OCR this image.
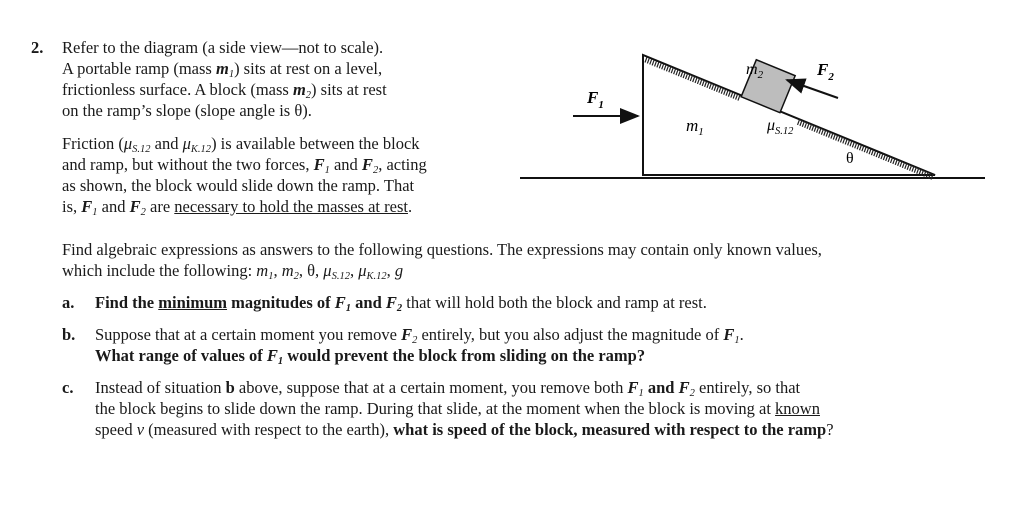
2. Refer to the diagram (a side view—not to scale).
A portable ramp (mass $m_1$) sits at rest on a level,
frictionless surface. A block (mass $m_2$) sits at rest
on the ramp’s slope (slope angle is θ).
Friction ($\mu_{S.12}$ and $\mu_{K.12}$) is available between the block
and ramp, but without the two forces, $F_1$ and $F_2$, acting
as shown, the block would slide down the ramp. That
is, $F_1$ and $F_2$ are necessary to hold the masses at rest.
$F_1$
$F_2$
$m_1$
$m_2$
$\mu_{S.12}$
θ
Find algebraic expressions as answers to the following questions. The expressions may contain only known values,
which include the following: $m_1$, $m_2$, θ, $\mu_{S.12}$, $\mu_{K.12}$, g
a. Find the minimum magnitudes of $F_1$ and $F_2$ that will hold both the block and ramp at rest.
b. Suppose that at a certain moment you remove $F_2$ entirely, but you also adjust the magnitude of $F_1$.
What range of values of $F_1$ would prevent the block from sliding on the ramp?
c. Instead of situation b above, suppose that at a certain moment, you remove both $F_1$ and $F_2$ entirely, so that
the block begins to slide down the ramp. During that slide, at the moment when the block is moving at known
speed v (measured with respect to the earth), what is speed of the block, measured with respect to the ramp?
